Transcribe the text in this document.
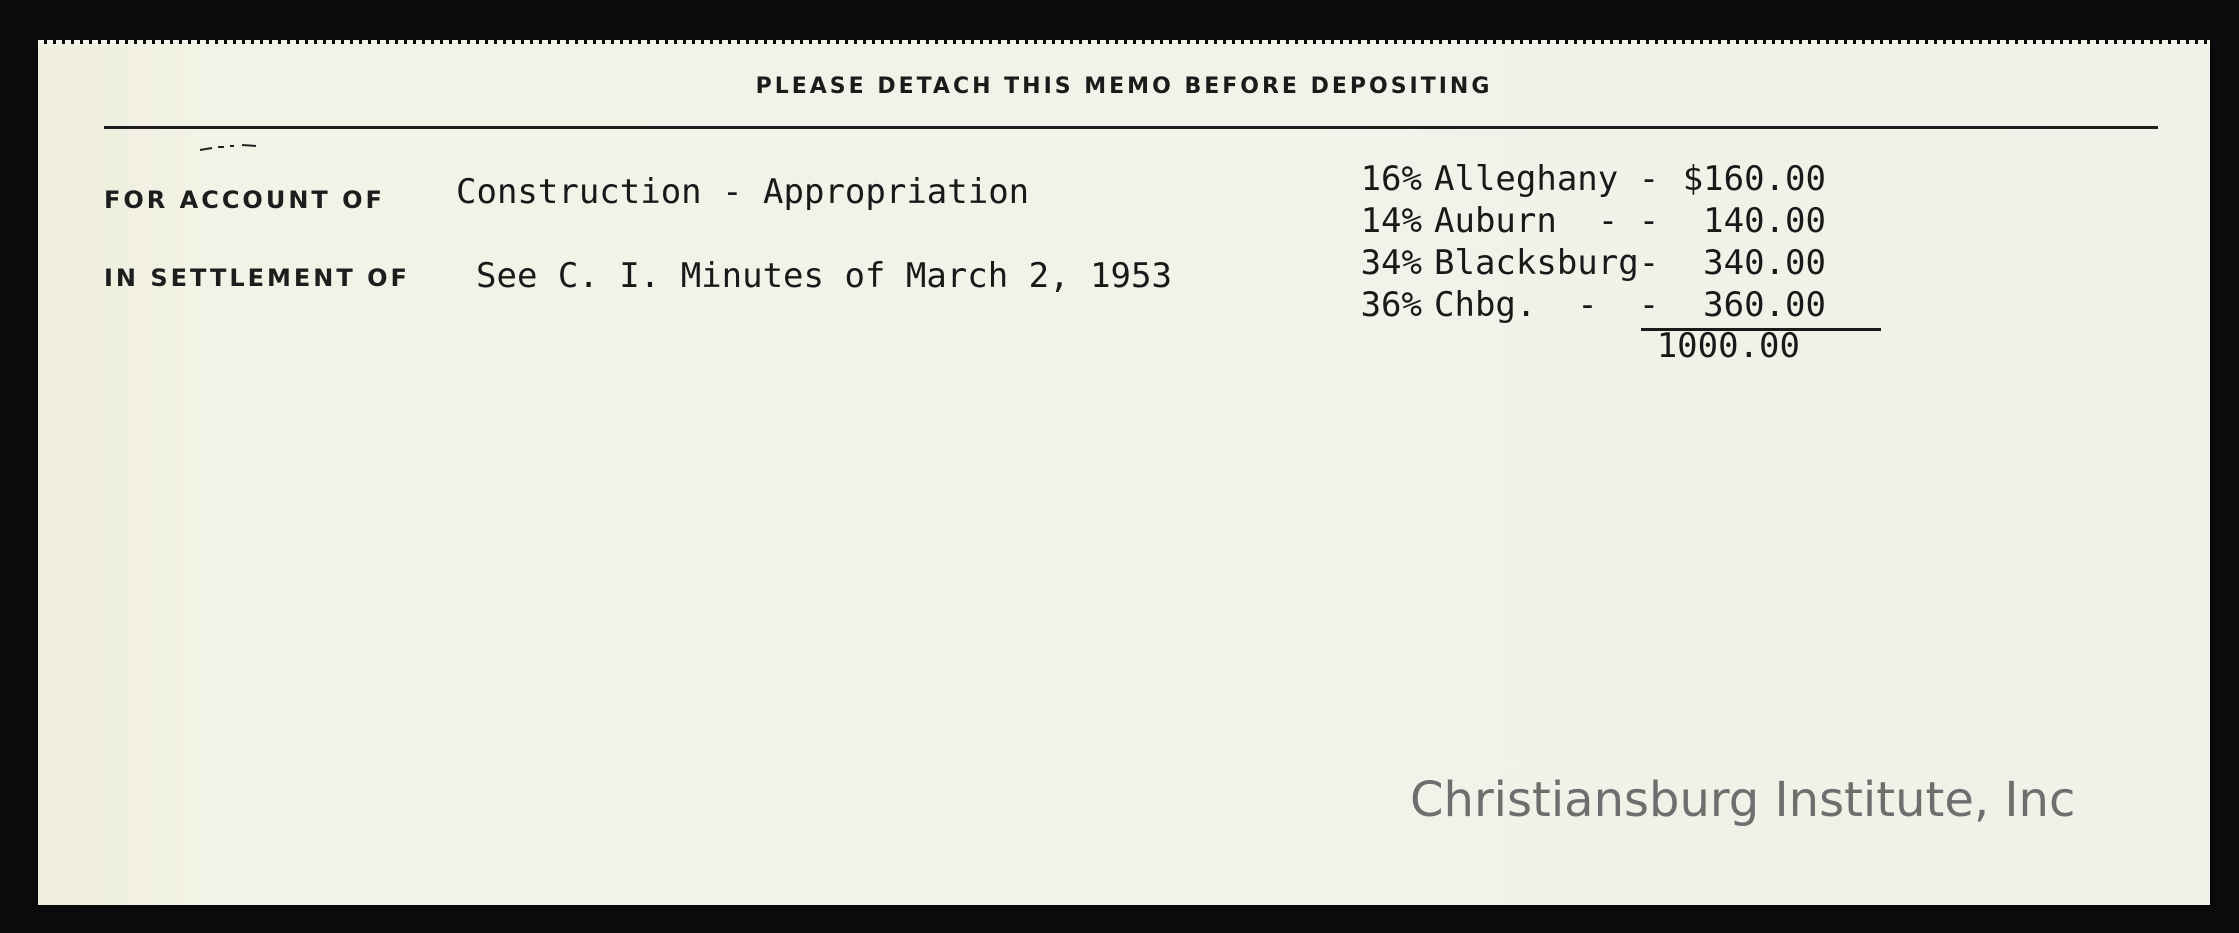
PLEASE DETACH THIS MEMO BEFORE DEPOSITING
FOR ACCOUNT OF Construction - Appropriation
IN SETTLEMENT OF See C. I. Minutes of March 2, 1953
16% Alleghany - $160.00
14% Auburn  - -	140.00
34% Blacksburg-	340.00
36% Chbg.  -  -	360.00
1000.00
Christiansburg Institute, Inc
